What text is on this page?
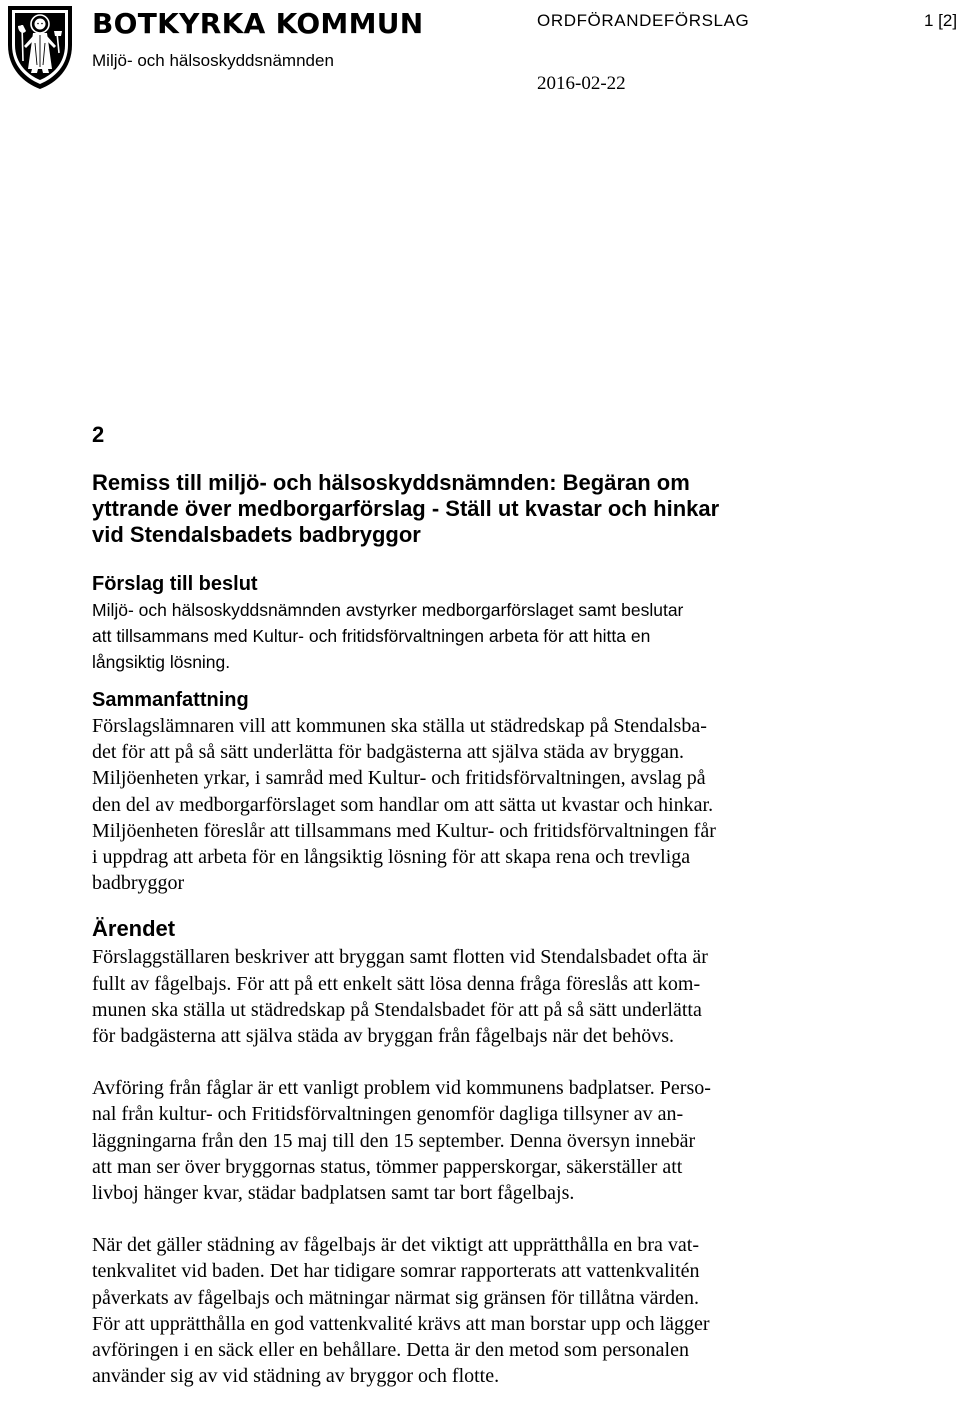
BOTKYRKA KOMMUN
Miljö- och hälsoskyddsnämnden
ORDFÖRANDEFÖRSLAG	1 [2]
2016-02-22
2
Remiss till miljö- och hälsoskyddsnämnden: Begäran om
yttrande över medborgarförslag - Ställ ut kvastar och hinkar
vid Stendalsbadets badbryggor
Förslag till beslut

Miljö- och hälsoskyddsnämnden avstyrker medborgarförslaget samt beslutar
att tillsammans med Kultur- och fritidsförvaltningen arbeta för att hitta en
långsiktig lösning.

Sammanfattning

Förslagslämnaren vill att kommunen ska ställa ut städredskap på Stendalsba-
det för att på så sätt underlätta för badgästerna att själva städa av bryggan.
Miljöenheten yrkar, i samråd med Kultur- och fritidsförvaltningen, avslag på
den del av medborgarförslaget som handlar om att sätta ut kvastar och hinkar.
Miljöenheten föreslår att tillsammans med Kultur- och fritidsförvaltningen får
i uppdrag att arbeta för en långsiktig lösning för att skapa rena och trevliga
badbryggor

Ärendet

Förslaggställaren beskriver att bryggan samt flotten vid Stendalsbadet ofta är
fullt av fågelbajs. För att på ett enkelt sätt lösa denna fråga föreslås att kom-
munen ska ställa ut städredskap på Stendalsbadet för att på så sätt underlätta
för badgästerna att själva städa av bryggan från fågelbajs när det behövs.

Avföring från fåglar är ett vanligt problem vid kommunens badplatser. Perso-
nal från kultur- och Fritidsförvaltningen genomför dagliga tillsyner av an-
läggningarna från den 15 maj till den 15 september. Denna översyn innebär
att man ser över bryggornas status, tömmer papperskorgar, säkerställer att
livboj hänger kvar, städar badplatsen samt tar bort fågelbajs.

När det gäller städning av fågelbajs är det viktigt att upprätthålla en bra vat-
tenkvalitet vid baden. Det har tidigare somrar rapporterats att vattenkvalitén
påverkats av fågelbajs och mätningar närmat sig gränsen för tillåtna värden.
För att upprätthålla en god vattenkvalité krävs att man borstar upp och lägger
avföringen i en säck eller en behållare. Detta är den metod som personalen
använder sig av vid städning av bryggor och flotte.
